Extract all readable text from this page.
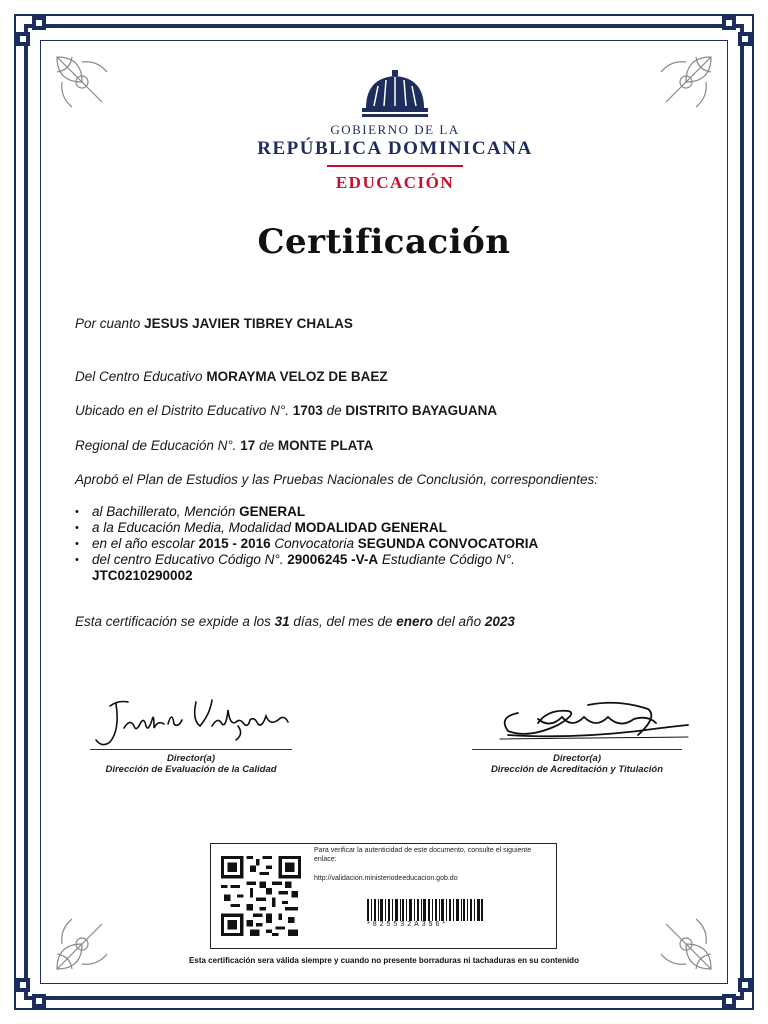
GOBIERNO DE LA
REPÚBLICA DOMINICANA
EDUCACIÓN
Certificación
Por cuanto JESUS JAVIER TIBREY CHALAS
Del Centro Educativo MORAYMA VELOZ DE BAEZ
Ubicado en el Distrito Educativo N°. 1703 de DISTRITO BAYAGUANA
Regional de Educación N°. 17 de MONTE PLATA
Aprobó el Plan de Estudios y las Pruebas Nacionales de Conclusión, correspondientes:
• al Bachillerato, Mención GENERAL
• a la Educación Media, Modalidad MODALIDAD GENERAL
• en el año escolar 2015 - 2016 Convocatoria SEGUNDA CONVOCATORIA
• del centro Educativo Código N°. 29006245 -V-A Estudiante Código N°.
JTC0210290002
Esta certificación se expide a los 31 días, del mes de enero del año 2023
Director(a)
Dirección de Evaluación de la Calidad
Director(a)
Dirección de Acreditación y Titulación
Para verificar la autenticidad de este documento, consulte el siguiente enlace:
http://validacion.ministeriodeeducacion.gob.do
*825532A356*
Esta certificación sera válida siempre y cuando no presente borraduras ni tachaduras en su contenido
